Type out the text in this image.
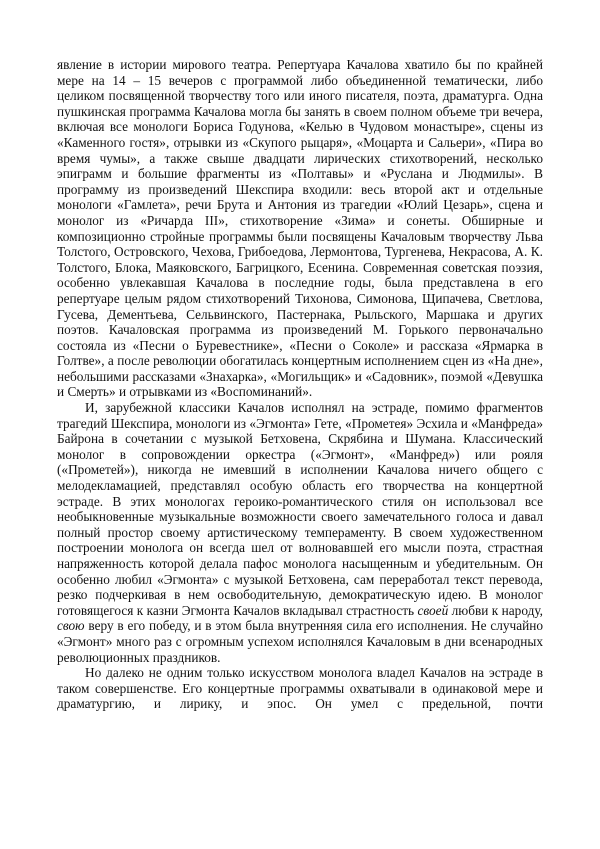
явление в истории мирового театра. Репертуара Качалова хватило бы по крайней мере на 14 – 15 вечеров с программой либо объединенной тематически, либо целиком посвященной творчеству того или иного писателя, поэта, драматурга. Одна пушкинская программа Качалова могла бы занять в своем полном объеме три вечера, включая все монологи Бориса Годунова, «Келью в Чудовом монастыре», сцены из «Каменного гостя», отрывки из «Скупого рыцаря», «Моцарта и Сальери», «Пира во время чумы», а также свыше двадцати лирических стихотворений, несколько эпиграмм и большие фрагменты из «Полтавы» и «Руслана и Людмилы». В программу из произведений Шекспира входили: весь второй акт и отдельные монологи «Гамлета», речи Брута и Антония из трагедии «Юлий Цезарь», сцена и монолог из «Ричарда III», стихотворение «Зима» и сонеты. Обширные и композиционно стройные программы были посвящены Качаловым творчеству Льва Толстого, Островского, Чехова, Грибоедова, Лермонтова, Тургенева, Некрасова, А. К. Толстого, Блока, Маяковского, Багрицкого, Есенина. Современная советская поэзия, особенно увлекавшая Качалова в последние годы, была представлена в его репертуаре целым рядом стихотворений Тихонова, Симонова, Щипачева, Светлова, Гусева, Дементьева, Сельвинского, Пастернака, Рыльского, Маршака и других поэтов. Качаловская программа из произведений М. Горького первоначально состояла из «Песни о Буревестнике», «Песни о Соколе» и рассказа «Ярмарка в Голтве», а после революции обогатилась концертным исполнением сцен из «На дне», небольшими рассказами «Знахарка», «Могильщик» и «Садовник», поэмой «Девушка и Смерть» и отрывками из «Воспоминаний».

И, зарубежной классики Качалов исполнял на эстраде, помимо фрагментов трагедий Шекспира, монологи из «Эгмонта» Гете, «Прометея» Эсхила и «Манфреда» Байрона в сочетании с музыкой Бетховена, Скрябина и Шумана. Классический монолог в сопровождении оркестра («Эгмонт», «Манфред») или рояля («Прометей»), никогда не имевший в исполнении Качалова ничего общего с мелодекламацией, представлял особую область его творчества на концертной эстраде. В этих монологах героико-романтического стиля он использовал все необыкновенные музыкальные возможности своего замечательного голоса и давал полный простор своему артистическому темпераменту. В своем художественном построении монолога он всегда шел от волновавшей его мысли поэта, страстная напряженность которой делала пафос монолога насыщенным и убедительным. Он особенно любил «Эгмонта» с музыкой Бетховена, сам переработал текст перевода, резко подчеркивая в нем освободительную, демократическую идею. В монолог готовящегося к казни Эгмонта Качалов вкладывал страстность своей любви к народу, свою веру в его победу, и в этом была внутренняя сила его исполнения. Не случайно «Эгмонт» много раз с огромным успехом исполнялся Качаловым в дни всенародных революционных праздников.

Но далеко не одним только искусством монолога владел Качалов на эстраде в таком совершенстве. Его концертные программы охватывали в одинаковой мере и драматургию, и лирику, и эпос. Он умел с предельной, почти
